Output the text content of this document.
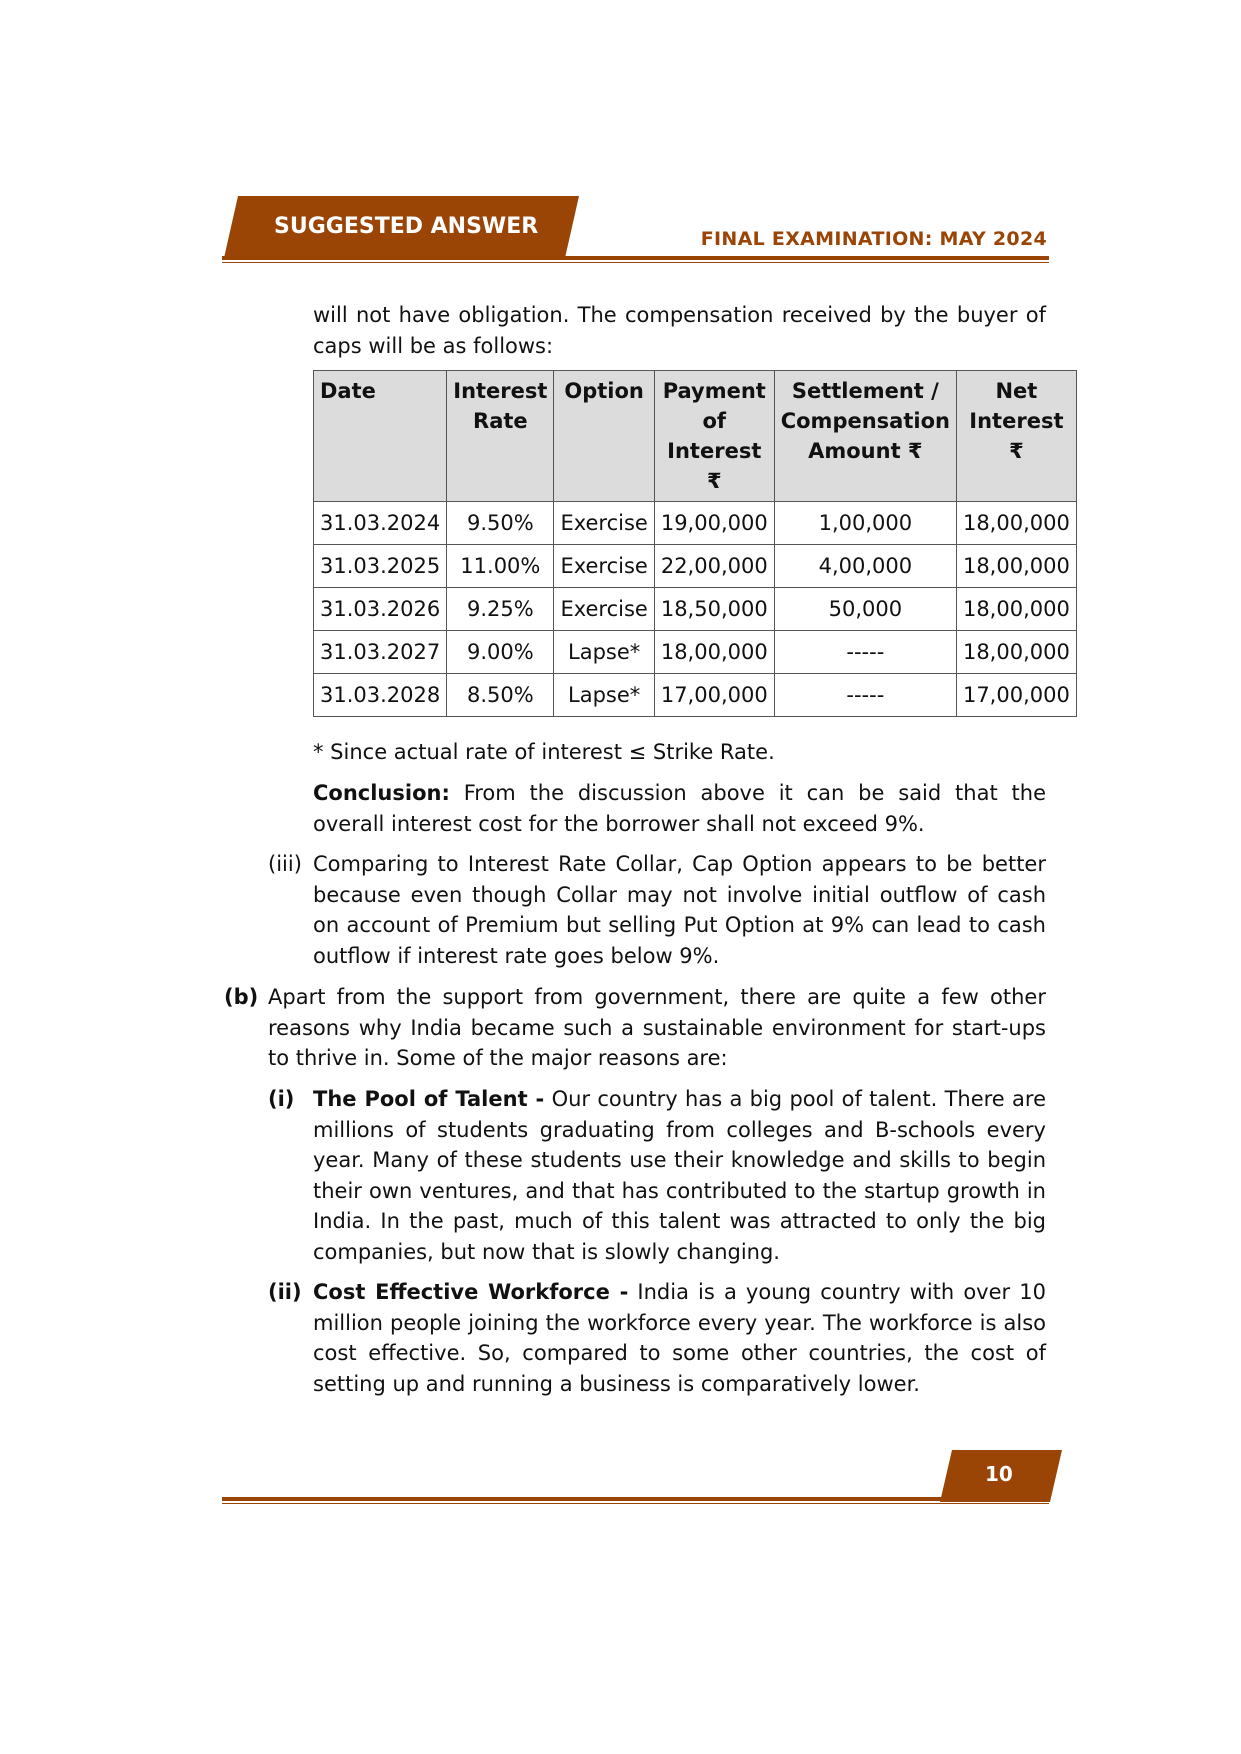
SUGGESTED ANSWER	FINAL EXAMINATION: MAY 2024
will not have obligation. The compensation received by the buyer of caps will be as follows:
Date	Interest Rate	Option	Payment of Interest ₹	Settlement / Compensation Amount ₹	Net Interest ₹
31.03.2024	9.50%	Exercise	19,00,000	1,00,000	18,00,000
31.03.2025	11.00%	Exercise	22,00,000	4,00,000	18,00,000
31.03.2026	9.25%	Exercise	18,50,000	50,000	18,00,000
31.03.2027	9.00%	Lapse*	18,00,000	-----	18,00,000
31.03.2028	8.50%	Lapse*	17,00,000	-----	17,00,000
* Since actual rate of interest ≤ Strike Rate.
Conclusion: From the discussion above it can be said that the overall interest cost for the borrower shall not exceed 9%.
(iii) Comparing to Interest Rate Collar, Cap Option appears to be better because even though Collar may not involve initial outflow of cash on account of Premium but selling Put Option at 9% can lead to cash outflow if interest rate goes below 9%.
(b) Apart from the support from government, there are quite a few other reasons why India became such a sustainable environment for start-ups to thrive in. Some of the major reasons are:
(i) The Pool of Talent - Our country has a big pool of talent. There are millions of students graduating from colleges and B-schools every year. Many of these students use their knowledge and skills to begin their own ventures, and that has contributed to the startup growth in India. In the past, much of this talent was attracted to only the big companies, but now that is slowly changing.
(ii) Cost Effective Workforce - India is a young country with over 10 million people joining the workforce every year. The workforce is also cost effective. So, compared to some other countries, the cost of setting up and running a business is comparatively lower.
10
